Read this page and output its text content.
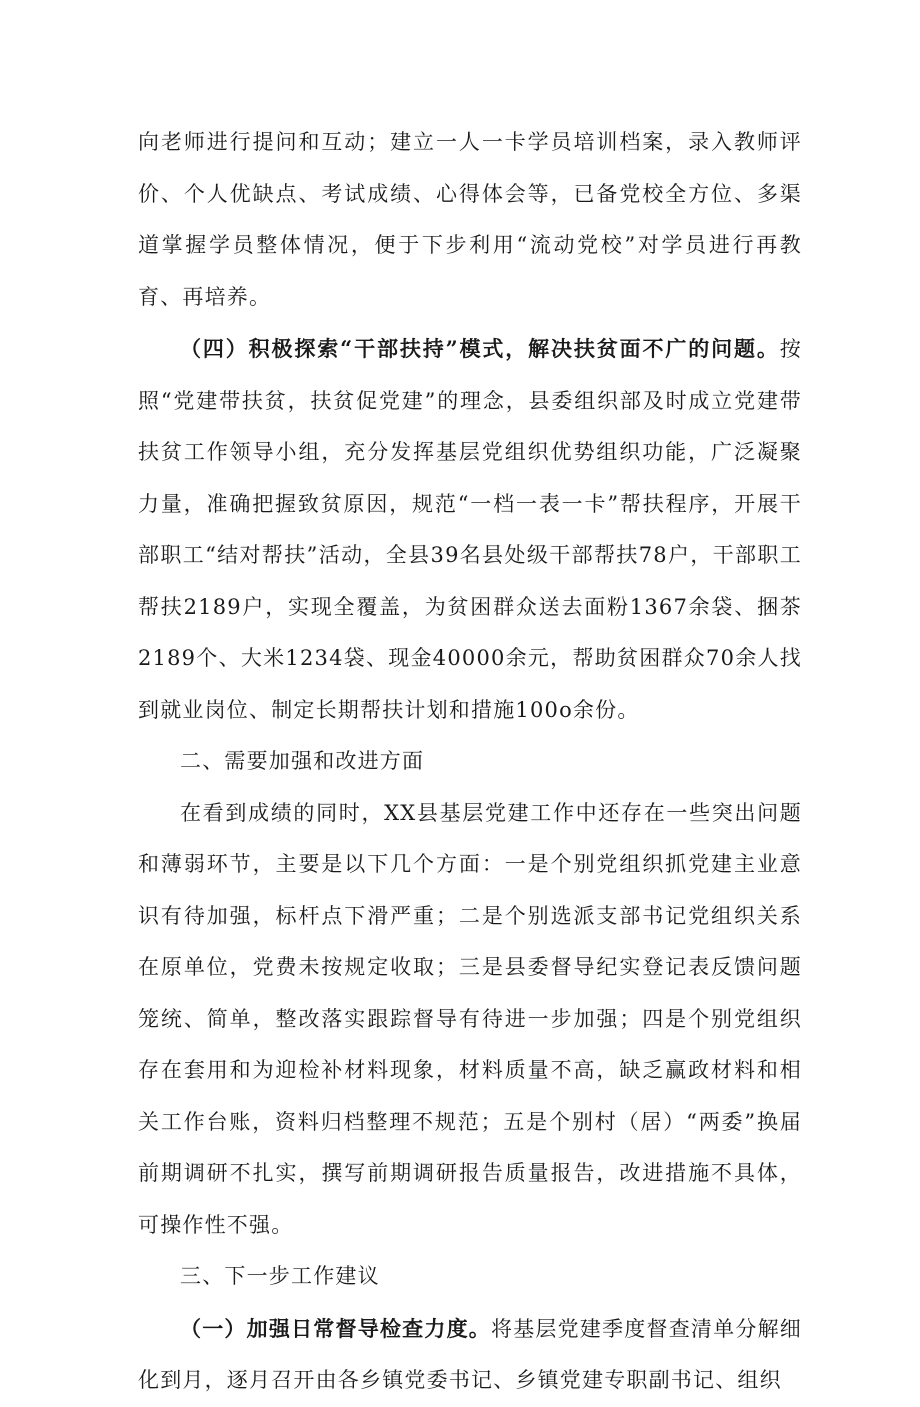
向老师进行提问和互动；建立一人一卡学员培训档案，录入教师评价、个人优缺点、考试成绩、心得体会等，已备党校全方位、多渠道掌握学员整体情况，便于下步利用“流动党校”对学员进行再教育、再培养。

（四）积极探索“干部扶持”模式，解决扶贫面不广的问题。按照“党建带扶贫，扶贫促党建”的理念，县委组织部及时成立党建带扶贫工作领导小组，充分发挥基层党组织优势组织功能，广泛凝聚力量，准确把握致贫原因，规范“一档一表一卡”帮扶程序，开展干部职工“结对帮扶”活动，全县39名县处级干部帮扶78户，干部职工帮扶2189户，实现全覆盖，为贫困群众送去面粉1367余袋、捆茶2189个、大米1234袋、现金40000余元，帮助贫困群众70余人找到就业岗位、制定长期帮扶计划和措施100o余份。

二、需要加强和改进方面

在看到成绩的同时，XX县基层党建工作中还存在一些突出问题和薄弱环节，主要是以下几个方面：一是个别党组织抓党建主业意识有待加强，标杆点下滑严重；二是个别选派支部书记党组织关系在原单位，党费未按规定收取；三是县委督导纪实登记表反馈问题笼统、简单，整改落实跟踪督导有待进一步加强；四是个别党组织存在套用和为迎检补材料现象，材料质量不高，缺乏赢政材料和相关工作台账，资料归档整理不规范；五是个别村（居）“两委”换届前期调研不扎实，撰写前期调研报告质量报告，改进措施不具体，可操作性不强。

三、下一步工作建议

（一）加强日常督导检查力度。将基层党建季度督查清单分解细化到月，逐月召开由各乡镇党委书记、乡镇党建专职副书记、组织
